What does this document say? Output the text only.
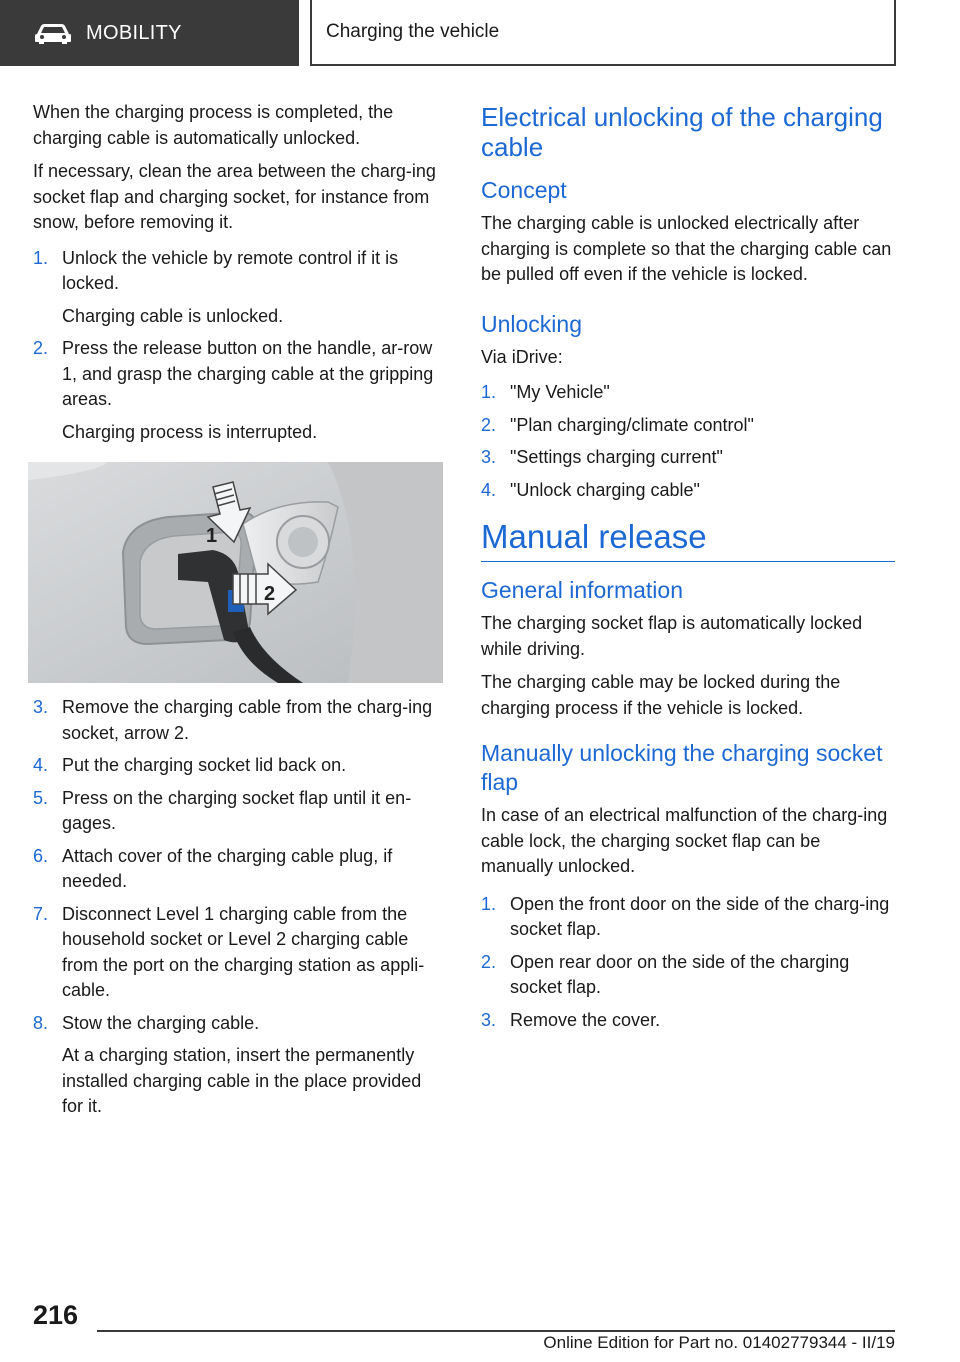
MOBILITY	Charging the vehicle

When the charging process is completed, the charging cable is automatically unlocked.

If necessary, clean the area between the charg-ing socket flap and charging socket, for instance from snow, before removing it.

1. Unlock the vehicle by remote control if it is locked.
Charging cable is unlocked.
2. Press the release button on the handle, ar-row 1, and grasp the charging cable at the gripping areas.
Charging process is interrupted.
1
2
3. Remove the charging cable from the charg-ing socket, arrow 2.
4. Put the charging socket lid back on.
5. Press on the charging socket flap until it en-gages.
6. Attach cover of the charging cable plug, if needed.
7. Disconnect Level 1 charging cable from the household socket or Level 2 charging cable from the port on the charging station as appli-cable.
8. Stow the charging cable.
At a charging station, insert the permanently installed charging cable in the place provided for it.
Electrical unlocking of the charging cable
Concept

The charging cable is unlocked electrically after charging is complete so that the charging cable can be pulled off even if the vehicle is locked.

Unlocking

Via iDrive:

1. "My Vehicle"
2. "Plan charging/climate control"
3. "Settings charging current"
4. "Unlock charging cable"
Manual release
General information

The charging socket flap is automatically locked while driving.

The charging cable may be locked during the charging process if the vehicle is locked.

Manually unlocking the charging socket flap

In case of an electrical malfunction of the charg-ing cable lock, the charging socket flap can be manually unlocked.

1. Open the front door on the side of the charg-ing socket flap.
2. Open rear door on the side of the charging socket flap.
3. Remove the cover.
216
Online Edition for Part no. 01402779344 - II/19
